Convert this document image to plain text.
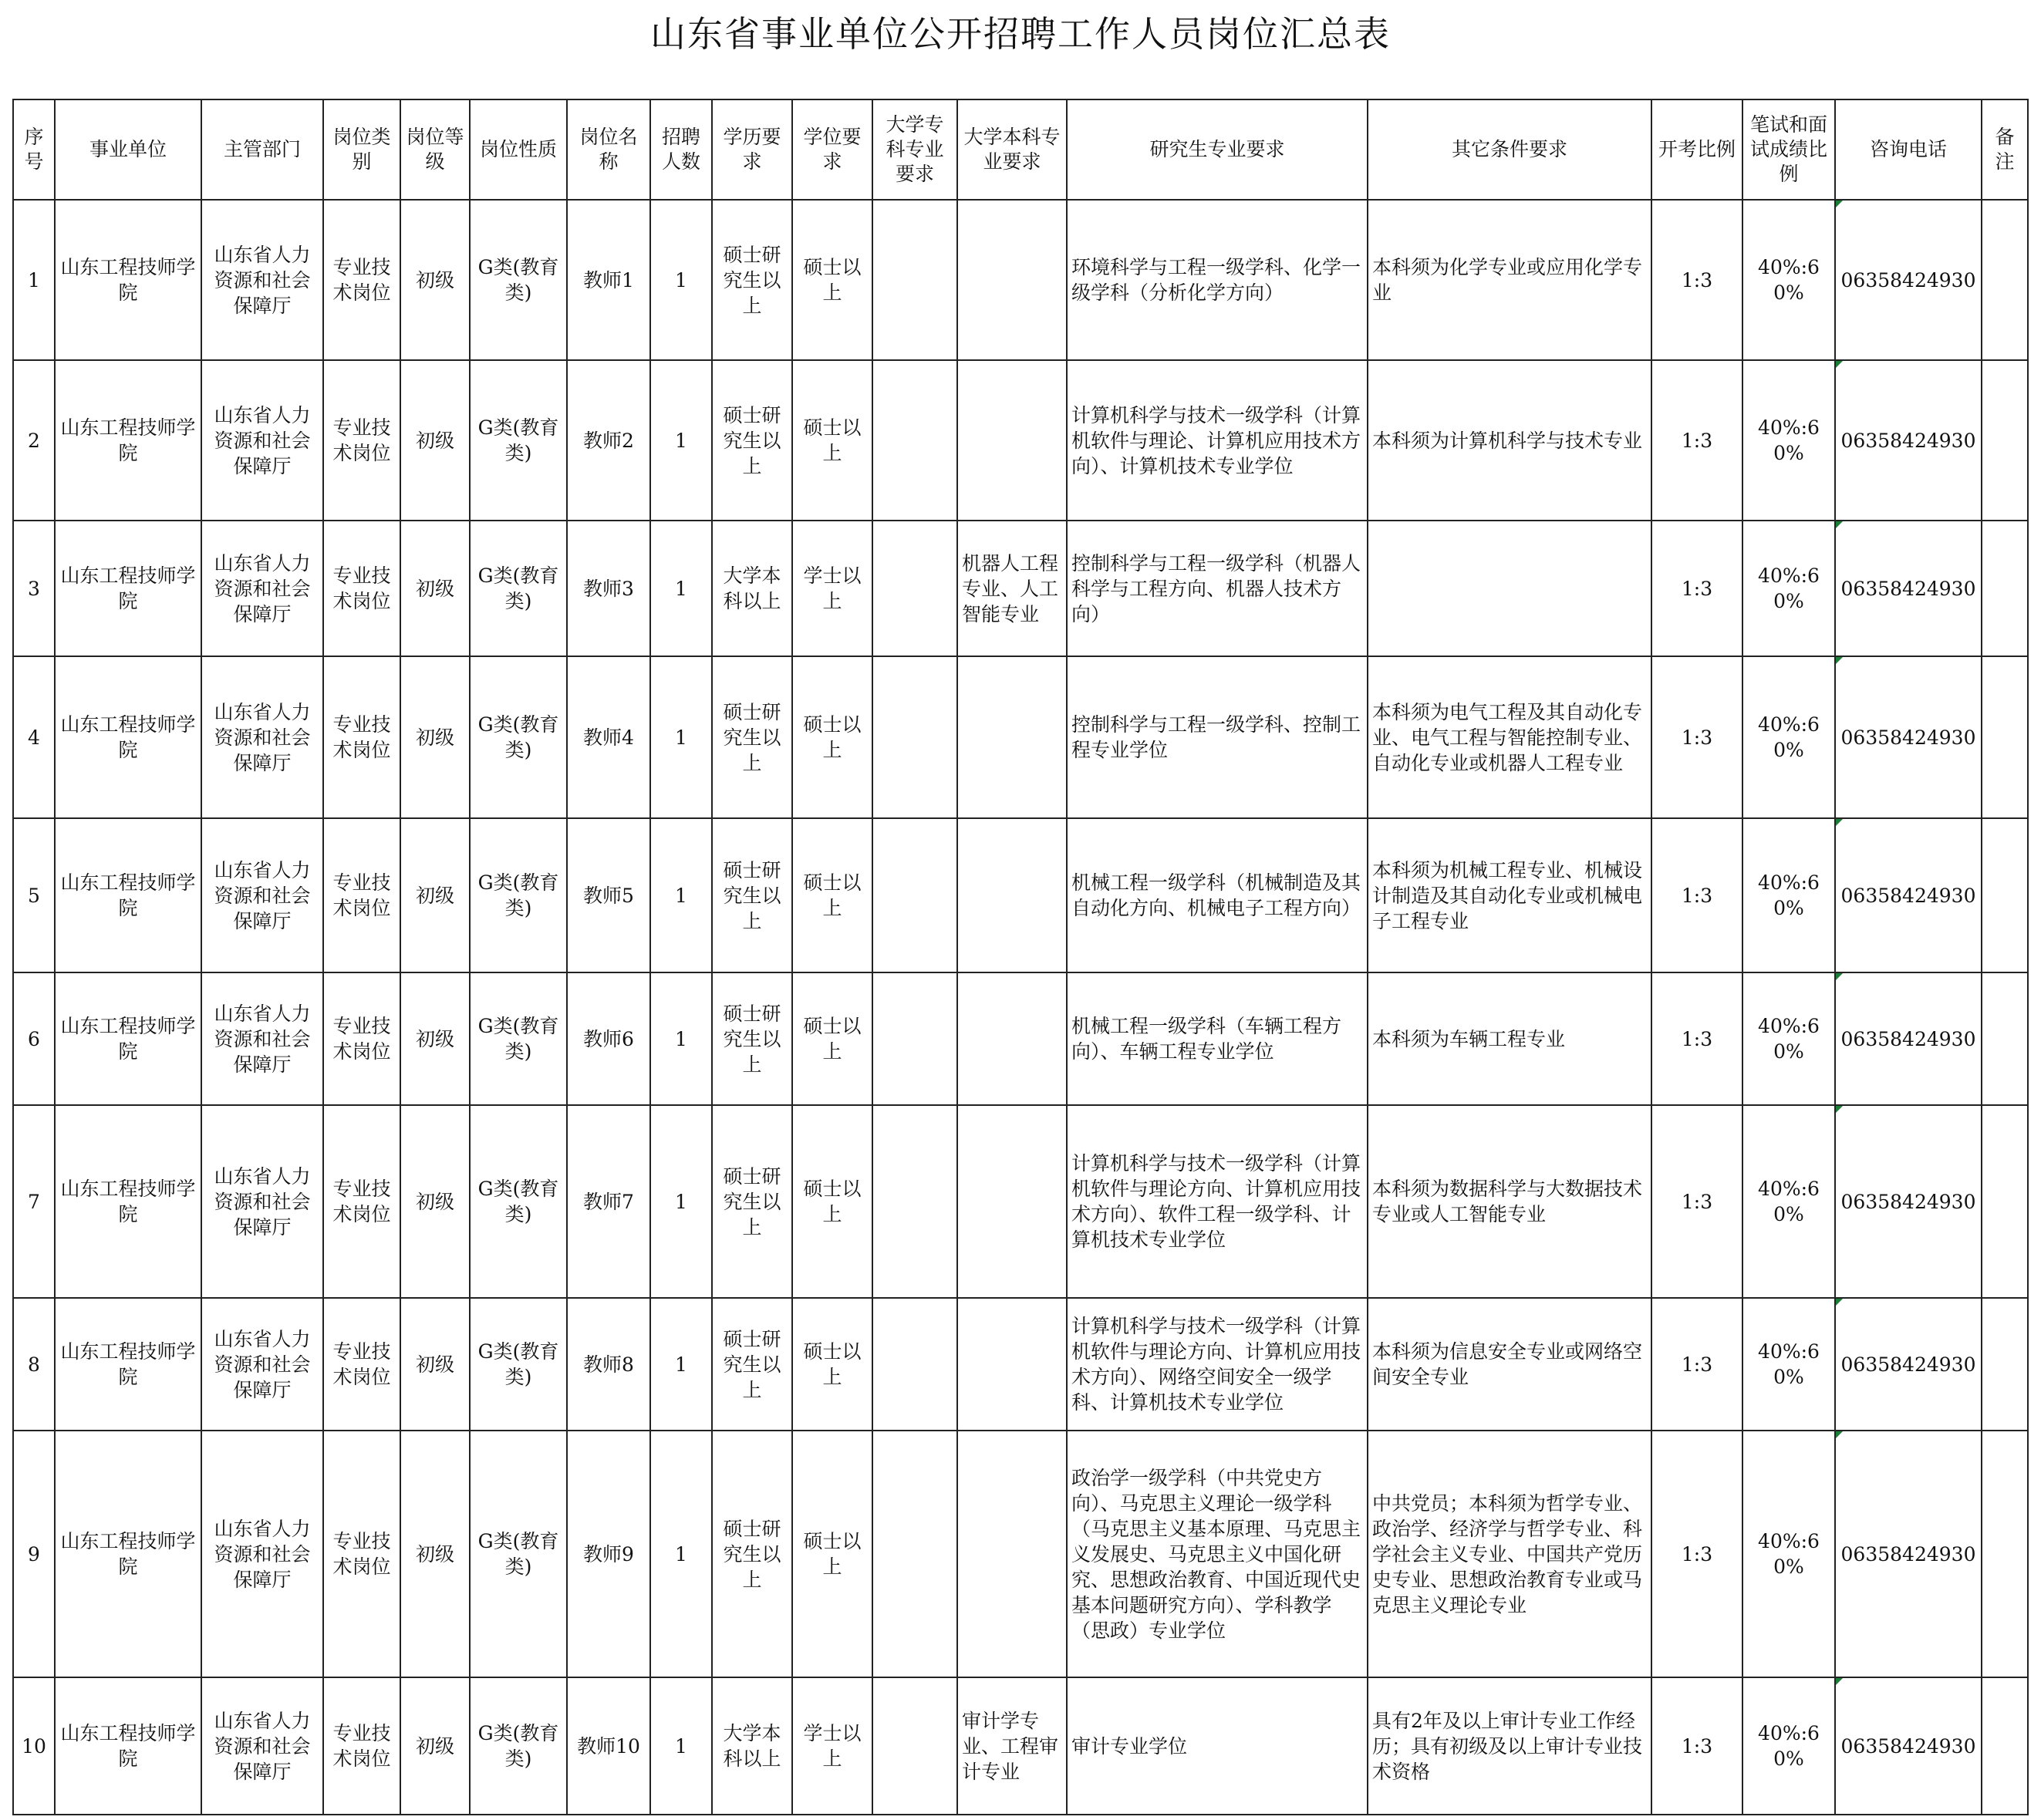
山东省事业单位公开招聘工作人员岗位汇总表
序号	事业单位	主管部门	岗位类别	岗位等级	岗位性质	岗位名称	招聘人数	学历要求	学位要求	大学专科专业要求	大学本科专业要求	研究生专业要求	其它条件要求	开考比例	笔试和面试成绩比例	咨询电话	备注
1	山东工程技师学院	山东省人力资源和社会保障厅	专业技术岗位	初级	G类(教育类)	教师1	1	硕士研究生以上	硕士以上			环境科学与工程一级学科、化学一级学科（分析化学方向）	本科须为化学专业或应用化学专业	1:3	40%:60%	06358424930	
2	山东工程技师学院	山东省人力资源和社会保障厅	专业技术岗位	初级	G类(教育类)	教师2	1	硕士研究生以上	硕士以上			计算机科学与技术一级学科（计算机软件与理论、计算机应用技术方向）、计算机技术专业学位	本科须为计算机科学与技术专业	1:3	40%:60%	06358424930	
3	山东工程技师学院	山东省人力资源和社会保障厅	专业技术岗位	初级	G类(教育类)	教师3	1	大学本科以上	学士以上		机器人工程专业、人工智能专业	控制科学与工程一级学科（机器人科学与工程方向、机器人技术方向）		1:3	40%:60%	06358424930	
4	山东工程技师学院	山东省人力资源和社会保障厅	专业技术岗位	初级	G类(教育类)	教师4	1	硕士研究生以上	硕士以上			控制科学与工程一级学科、控制工程专业学位	本科须为电气工程及其自动化专业、电气工程与智能控制专业、自动化专业或机器人工程专业	1:3	40%:60%	06358424930	
5	山东工程技师学院	山东省人力资源和社会保障厅	专业技术岗位	初级	G类(教育类)	教师5	1	硕士研究生以上	硕士以上			机械工程一级学科（机械制造及其自动化方向、机械电子工程方向）	本科须为机械工程专业、机械设计制造及其自动化专业或机械电子工程专业	1:3	40%:60%	06358424930	
6	山东工程技师学院	山东省人力资源和社会保障厅	专业技术岗位	初级	G类(教育类)	教师6	1	硕士研究生以上	硕士以上			机械工程一级学科（车辆工程方向）、车辆工程专业学位	本科须为车辆工程专业	1:3	40%:60%	06358424930	
7	山东工程技师学院	山东省人力资源和社会保障厅	专业技术岗位	初级	G类(教育类)	教师7	1	硕士研究生以上	硕士以上			计算机科学与技术一级学科（计算机软件与理论方向、计算机应用技术方向）、软件工程一级学科、计算机技术专业学位	本科须为数据科学与大数据技术专业或人工智能专业	1:3	40%:60%	06358424930	
8	山东工程技师学院	山东省人力资源和社会保障厅	专业技术岗位	初级	G类(教育类)	教师8	1	硕士研究生以上	硕士以上			计算机科学与技术一级学科（计算机软件与理论方向、计算机应用技术方向）、网络空间安全一级学科、计算机技术专业学位	本科须为信息安全专业或网络空间安全专业	1:3	40%:60%	06358424930	
9	山东工程技师学院	山东省人力资源和社会保障厅	专业技术岗位	初级	G类(教育类)	教师9	1	硕士研究生以上	硕士以上			政治学一级学科（中共党史方向）、马克思主义理论一级学科（马克思主义基本原理、马克思主义发展史、马克思主义中国化研究、思想政治教育、中国近现代史基本问题研究方向）、学科教学（思政）专业学位	中共党员；本科须为哲学专业、政治学、经济学与哲学专业、科学社会主义专业、中国共产党历史专业、思想政治教育专业或马克思主义理论专业	1:3	40%:60%	06358424930	
10	山东工程技师学院	山东省人力资源和社会保障厅	专业技术岗位	初级	G类(教育类)	教师10	1	大学本科以上	学士以上		审计学专业、工程审计专业	审计专业学位	具有2年及以上审计专业工作经历；具有初级及以上审计专业技术资格	1:3	40%:60%	06358424930	
